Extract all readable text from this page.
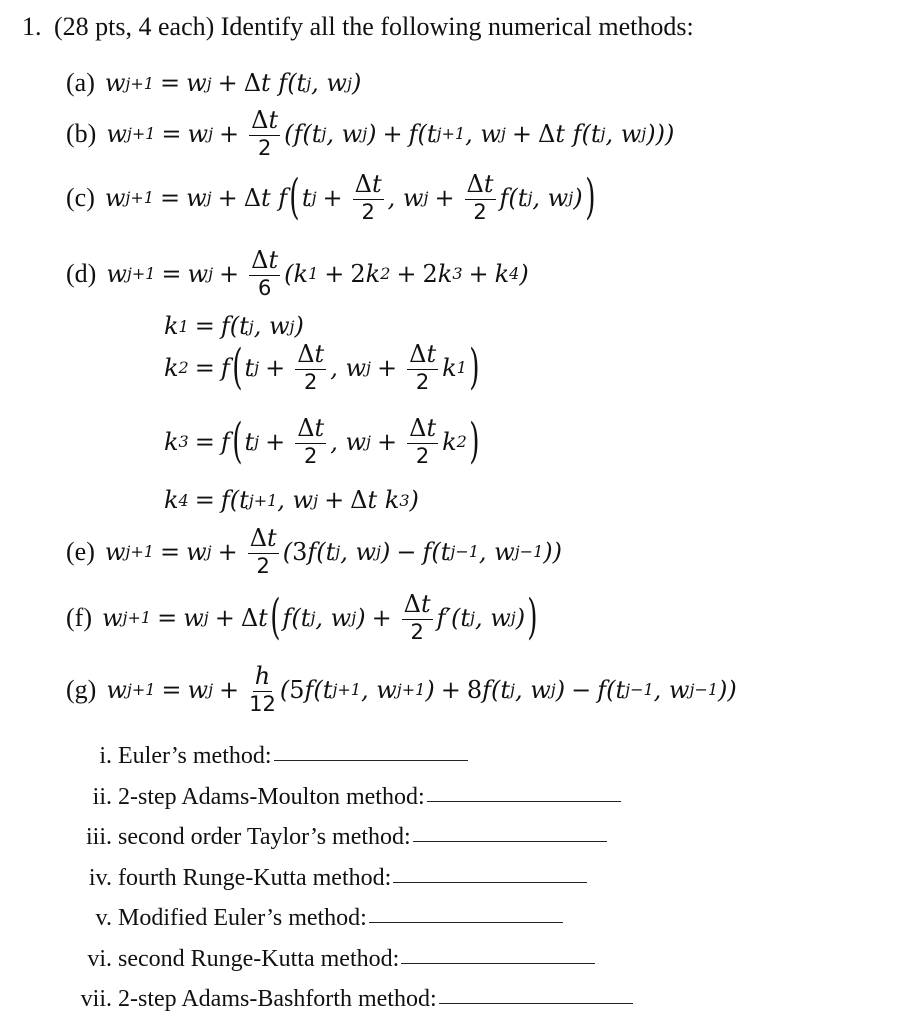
1. (28 pts, 4 each) Identify all the following numerical methods:
(a) w j+1 = w j + Δ t f(t j , w j )
(b) w j+1 = w $j + \frac{\Delta t}{2} (f(t$ j , w j ) + f(t j+1 , w j + Δ t f(t j , w j )))
(c) w j+1 = w j + Δ t f ( t $j + \frac{\Delta t}{2}$ , w $j + \frac{\Delta t}{2} f(t$ j , w j ) )
(d) w j+1 = w $j + \frac{\Delta t}{6} (k$ 1 + 2 k 2 + 2 k 3 + k 4 )
k 1 = f(t j , w j )
k 2 = f ( t $j + \frac{\Delta t}{2}$ , w $j + \frac{\Delta t}{2}$ k 1 )
k 3 = f ( t $j + \frac{\Delta t}{2}$ , w $j + \frac{\Delta t}{2}$ k 2 )
k 4 = f(t j+1 , w j + Δ t k 3 )
(e) w j+1 = w $j + \frac{\Delta t}{2}$ ( 3 f(t j , w j ) − f(t j−1 , w j−1 ))
(f) w j+1 = w j + Δ t ( f(t j , w j ) + $\frac{\Delta t}{2} f'(t$ j , w j ) )
(g) w j+1 = w $j + \frac{h}{12}$ ( 5 f(t j+1 , w j+1 ) + 8 f(t j , w j ) − f(t j−1 , w j−1 ))
i. Euler’s method:
ii. 2-step Adams-Moulton method:
iii. second order Taylor’s method:
iv. fourth Runge-Kutta method:
v. Modified Euler’s method:
vi. second Runge-Kutta method:
vii. 2-step Adams-Bashforth method:
